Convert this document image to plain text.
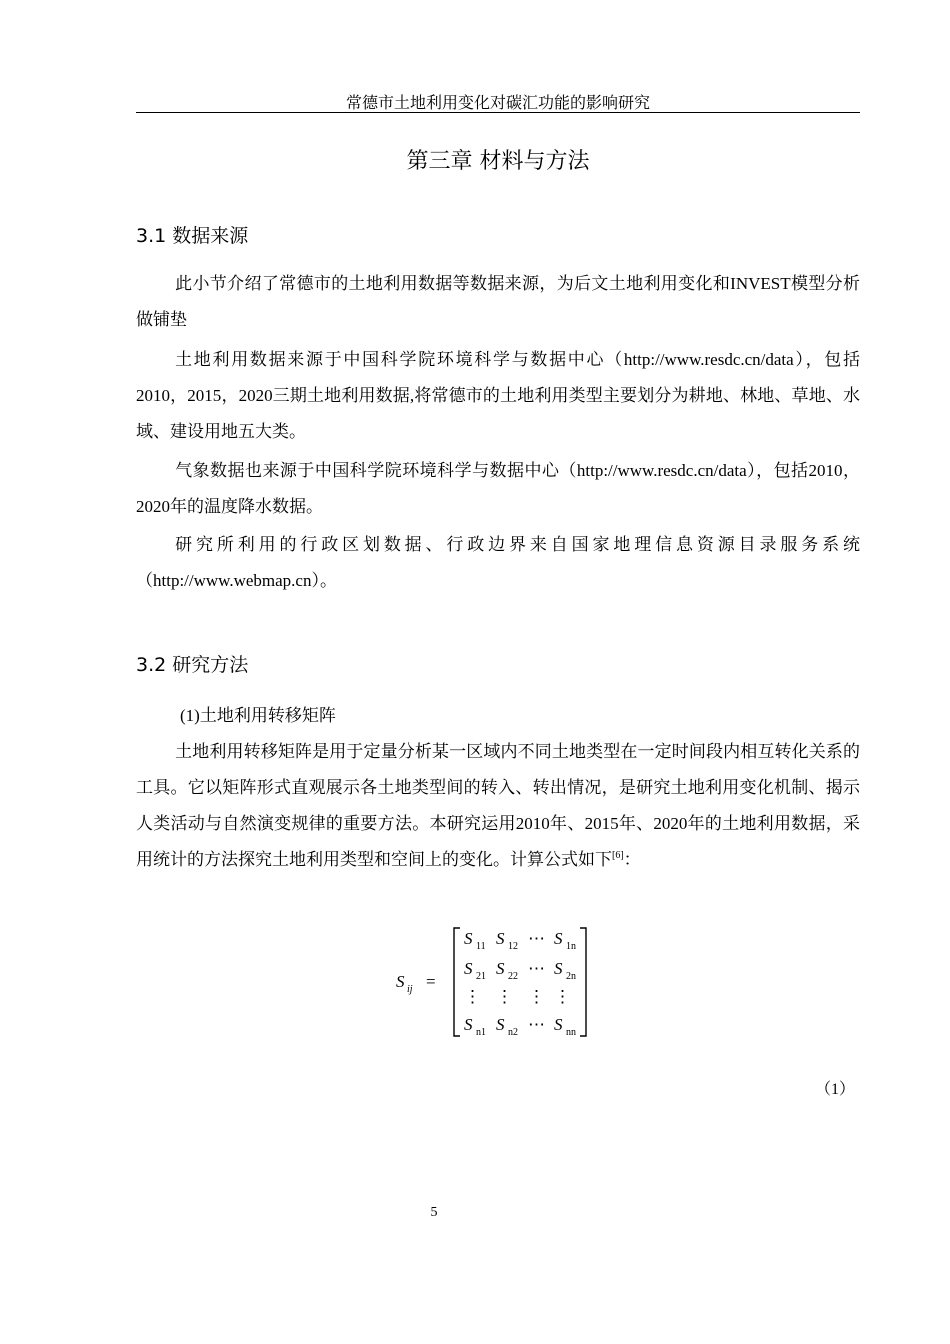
常德市土地利用变化对碳汇功能的影响研究
第三章 材料与方法
3.1 数据来源

此小节介绍了常德市的土地利用数据等数据来源，为后文土地利用变化和INVEST模型分析做铺垫

土地利用数据来源于中国科学院环境科学与数据中心（http://www.resdc.cn/data），包括2010，2015，2020三期土地利用数据,将常德市的土地利用类型主要划分为耕地、林地、草地、水域、建设用地五大类。

气象数据也来源于中国科学院环境科学与数据中心（http://www.resdc.cn/data），包括2010，2020年的温度降水数据。

研究所利用的行政区划数据、行政边界来自国家地理信息资源目录服务系统（http://www.webmap.cn）。

3.2 研究方法
(1)土地利用转移矩阵

土地利用转移矩阵是用于定量分析某一区域内不同土地类型在一定时间段内相互转化关系的工具。它以矩阵形式直观展示各土地类型间的转入、转出情况，是研究土地利用变化机制、揭示人类活动与自然演变规律的重要方法。本研究运用2010年、2015年、2020年的土地利用数据，采用统计的方法探究土地利用类型和空间上的变化。计算公式如下[6]：

S ij =
S 11 S 12 ⋯ S 1n
S 21 S 22 ⋯ S 2n
⋮ ⋮ ⋮ ⋮
S n1 S n2 ⋯ S nn
（1）
5
